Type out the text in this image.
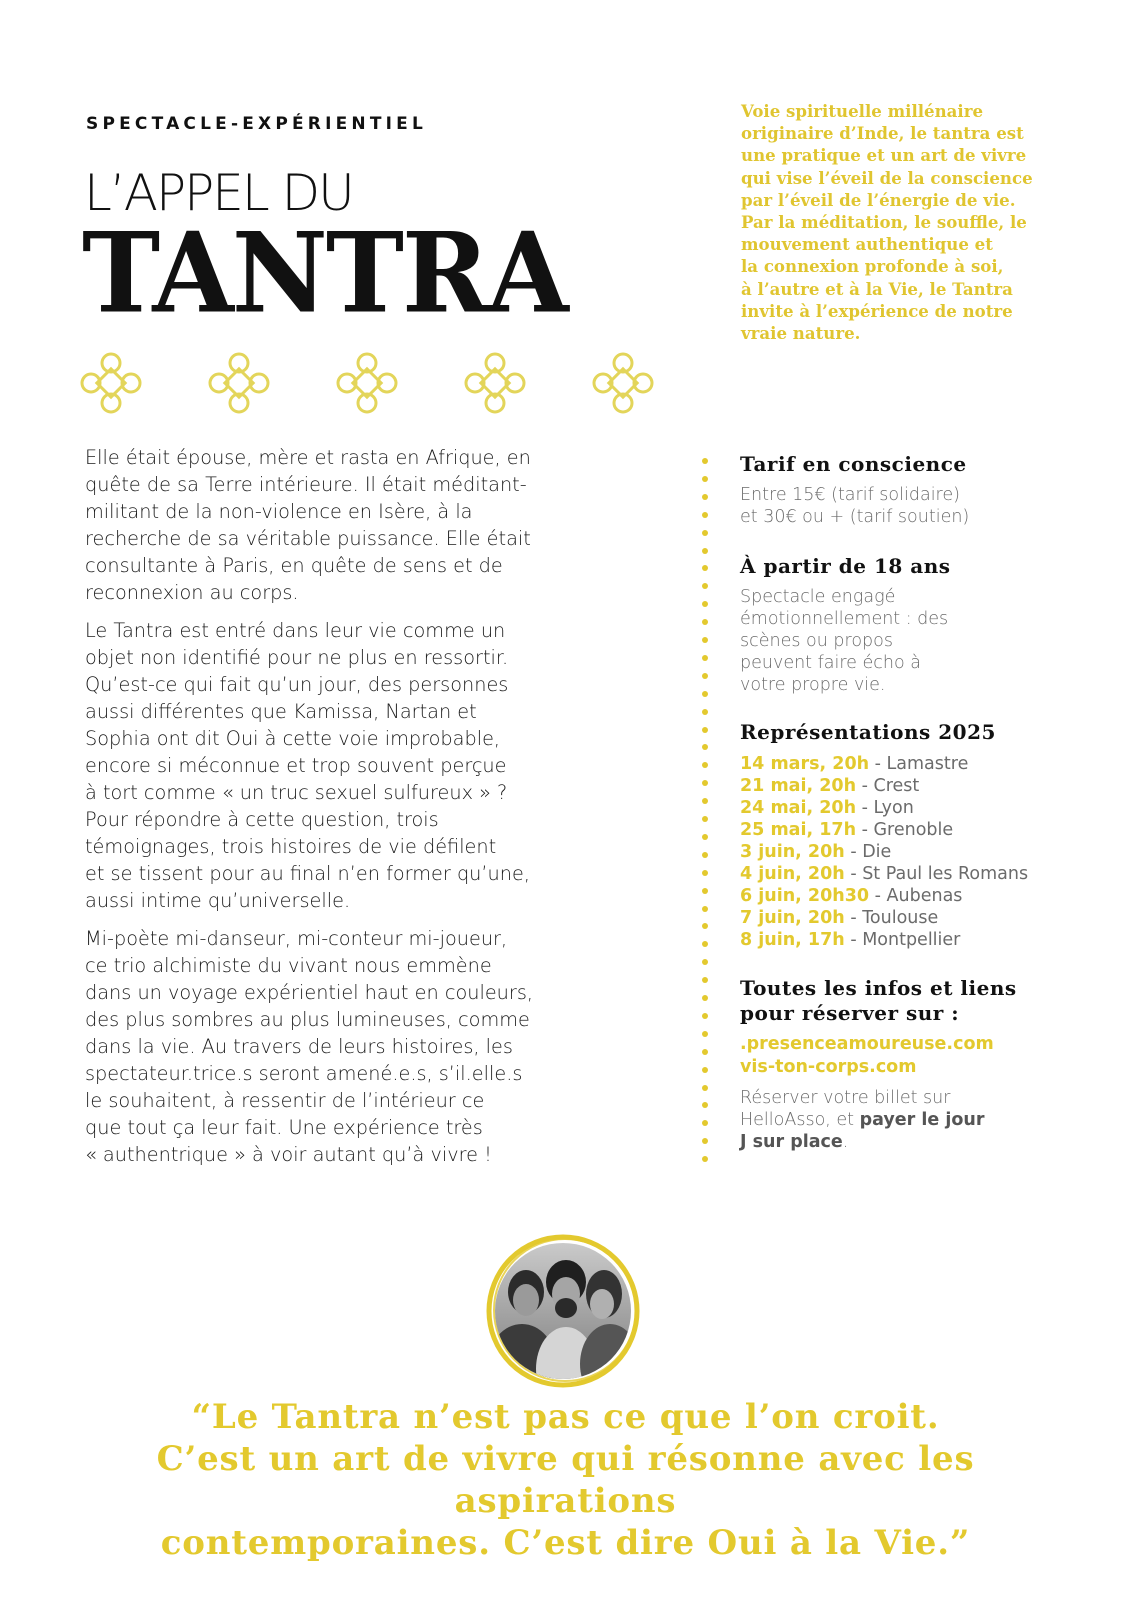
SPECTACLE-EXPÉRIENTIEL
L’APPEL DU
TANTRA
Voie spirituelle millénaire
originaire d’Inde, le tantra est
une pratique et un art de vivre
qui vise l’éveil de la conscience
par l’éveil de l’énergie de vie.
Par la méditation, le souffle, le
mouvement authentique et
la connexion profonde à soi,
à l’autre et à la Vie, le Tantra
invite à l’expérience de notre
vraie nature.

Elle était épouse, mère et rasta en Afrique, en
quête de sa Terre intérieure. Il était méditant-
militant de la non-violence en Isère, à la
recherche de sa véritable puissance. Elle était
consultante à Paris, en quête de sens et de
reconnexion au corps.

Le Tantra est entré dans leur vie comme un
objet non identifié pour ne plus en ressortir.
Qu’est-ce qui fait qu’un jour, des personnes
aussi différentes que Kamissa, Nartan et
Sophia ont dit Oui à cette voie improbable,
encore si méconnue et trop souvent perçue
à tort comme « un truc sexuel sulfureux » ?
Pour répondre à cette question, trois
témoignages, trois histoires de vie défilent
et se tissent pour au final n’en former qu’une,
aussi intime qu’universelle.

Mi-poète mi-danseur, mi-conteur mi-joueur,
ce trio alchimiste du vivant nous emmène
dans un voyage expérientiel haut en couleurs,
des plus sombres au plus lumineuses, comme
dans la vie. Au travers de leurs histoires, les
spectateur.trice.s seront amené.e.s, s’il.elle.s
le souhaitent, à ressentir de l’intérieur ce
que tout ça leur fait. Une expérience très
« authentrique » à voir autant qu’à vivre !

Tarif en conscience
Entre 15€ (tarif solidaire)
et 30€ ou + (tarif soutien)
À partir de 18 ans
Spectacle engagé
émotionnellement : des
scènes ou propos
peuvent faire écho à
votre propre vie.
Représentations 2025
14 mars, 20h - Lamastre
21 mai, 20h - Crest
24 mai, 20h - Lyon
25 mai, 17h - Grenoble
3 juin, 20h - Die
4 juin, 20h - St Paul les Romans
6 juin, 20h30 - Aubenas
7 juin, 20h - Toulouse
8 juin, 17h - Montpellier
Toutes les infos et liens
pour réserver sur :
.presenceamoureuse.com
vis-ton-corps.com
Réserver votre billet sur
HelloAsso, et payer le jour
J sur place.
“Le Tantra n’est pas ce que l’on croit.
C’est un art de vivre qui résonne avec les aspirations
contemporaines. C’est dire Oui à la Vie.”
